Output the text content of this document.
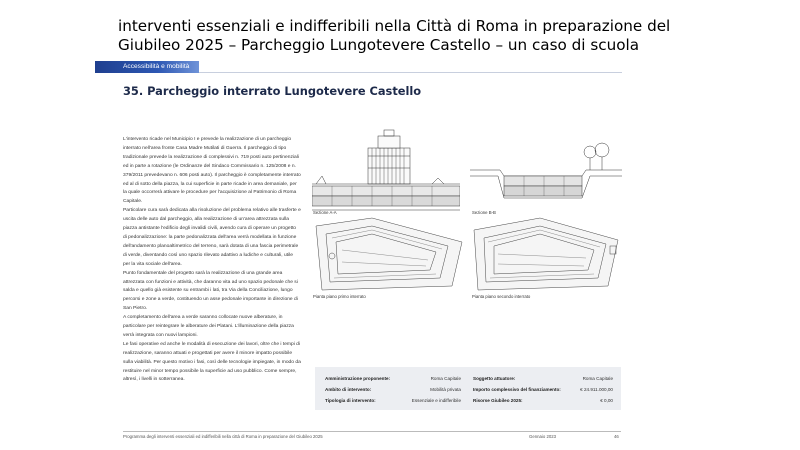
interventi essenziali e indifferibili nella Città di Roma in preparazione del
Giubileo 2025 – Parcheggio Lungotevere Castello – un caso di scuola
Accessibilità e mobilità
35. Parcheggio interrato Lungotevere Castello

L'intervento ricade nel Municipio I e prevede la realizzazione di un parcheggio interrato nell'area fronte Casa Madre Mutilati di Guerra. Il parcheggio di tipo tradizionale prevede la realizzazione di complessivi n. 719 posti auto pertinenziali ed in parte a rotazione (le Ordinanze del Sindaco Commissario n. 125/2008 e n. 379/2011 prevedevano n. 606 posti auto). Il parcheggio è completamente interrato ed al di sotto della piazza, la cui superficie in parte ricade in area demaniale, per la quale occorrerà attivare le procedure per l'acquisizione al Patrimonio di Roma Capitale.

Particolare cura sarà dedicata alla risoluzione del problema relativo alle trasferte e uscita delle auto dal parcheggio, alla realizzazione di un'area attrezzata sulla piazza antistante l'edificio degli invalidi civili, avendo cura di operare un progetto di pedonalizzazione: la parte pedonalizzata dell'area verrà modellata in funzione dell'andamento planoaltimetrico del terreno, sarà dotata di una fascia perimetrale di verde, diventando così uno spazio rilevato adattivo a ludiche e culturali, utile per la vita sociale dell'area.

Punto fondamentale del progetto sarà la realizzazione di una grande area attrezzata con funzioni e attività, che daranno vita ad uno spazio pedonale che si salda e quello già esistente su entrambi i lati, tra Via della Conciliazione, lungo percorsi e zone a verde, costituendo un asse pedonale importante in direzione di San Pietro.

A completamento dell'area a verde saranno collocate nuove alberature, in particolare per reintegrare le alberature dei Platani. L'illuminazione della piazza verrà integrata con nuovi lampioni.

Le fasi operative ed anche le modalità di esecuzione dei lavori, oltre che i tempi di realizzazione, saranno attuati e progettati per avere il minore impatto possibile sulla viabilità. Per questo motivo i fasi, così delle tecnologie impiegate, in modo da restituire nel minor tempo possibile la superficie ad uso pubblico. Come sempre, altresì, i livelli in sotterranea.

Sezione A-A	Sezione B-B
Pianta piano primo interrato	Pianta piano secondo interrato
Amministrazione proponente:	Roma Capitale	Soggetto attuatore:	Roma Capitale
Ambito di intervento:	Mobilità privata	Importo complessivo del finanziamento:	€ 24.911.000,00
Tipologia di intervento:	Essenziale e indifferibile	Risorse Giubileo 2025:	€ 0,00
Programma degli interventi essenziali ed indifferibili nella città di Roma in preparazione del Giubileo 2025	Gennaio 2023	46
